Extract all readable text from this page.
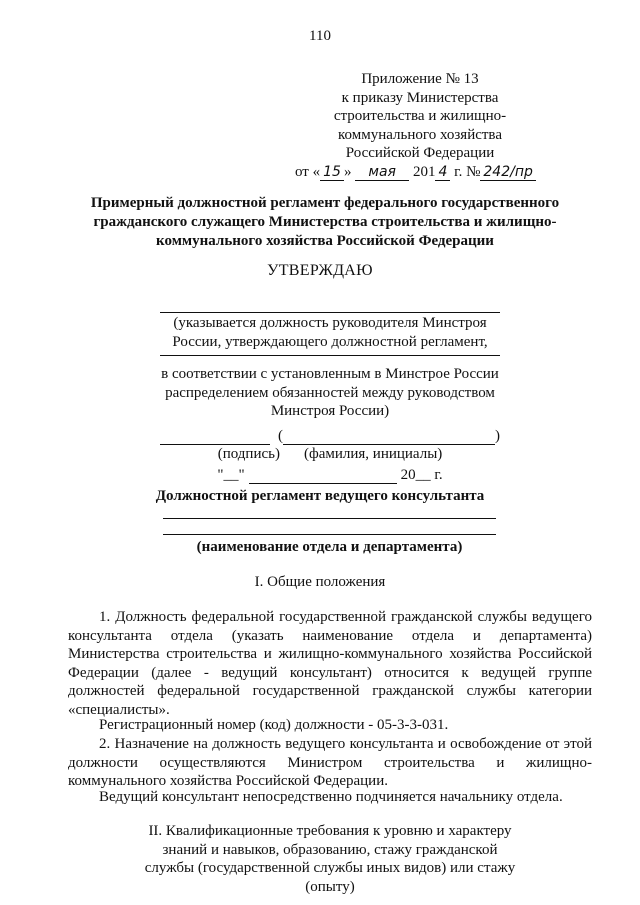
110
Приложение № 13
к приказу Министерства
строительства и жилищно-
коммунального хозяйства
Российской Федерации
от « 15 » мая 201 4 г. № 242/пр
Примерный должностной регламент федерального государственного гражданского служащего Министерства строительства и жилищно-коммунального хозяйства Российской Федерации
УТВЕРЖДАЮ
(указывается должность руководителя Минстроя России, утверждающего должностной регламент,
в соответствии с установленным в Минстрое России распределением обязанностей между руководством Минстроя России)
(	)
(подпись) (фамилия, инициалы)
"__"	20__ г.
Должностной регламент ведущего консультанта
(наименование отдела и департамента)
I. Общие положения
1. Должность федеральной государственной гражданской службы ведущего консультанта отдела (указать наименование отдела и департамента) Министерства строительства и жилищно-коммунального хозяйства Российской Федерации (далее - ведущий консультант) относится к ведущей группе должностей федеральной государственной гражданской службы категории «специалисты».
Регистрационный номер (код) должности - 05-3-3-031.
2. Назначение на должность ведущего консультанта и освобождение от этой должности осуществляются Министром строительства и жилищно-коммунального хозяйства Российской Федерации.
Ведущий консультант непосредственно подчиняется начальнику отдела.
II. Квалификационные требования к уровню и характеру знаний и навыков, образованию, стажу гражданской службы (государственной службы иных видов) или стажу (опыту)
